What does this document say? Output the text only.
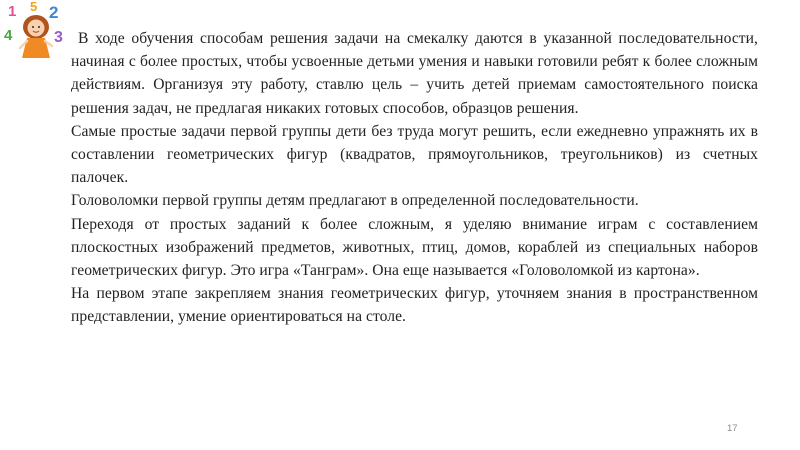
1 5 2
4	3 В ходе обучения способам решения задачи на смекалку даются в указанной последовательности, начиная с более простых, чтобы усвоенные детьми умения и навыки готовили ребят к более сложным действиям. Организуя эту работу, ставлю цель – учить детей приемам самостоятельного поиска решения задач, не предлагая никаких готовых способов, образцов решения.

Самые простые задачи первой группы дети без труда могут решить, если ежедневно упражнять их в составлении геометрических фигур (квадратов, прямоугольников, треугольников) из счетных палочек.

Головоломки первой группы детям предлагают в определенной последовательности.

Переходя от простых заданий к более сложным, я уделяю внимание играм с составлением плоскостных изображений предметов, животных, птиц, домов, кораблей из специальных наборов геометрических фигур. Это игра «Танграм». Она еще называется «Головоломкой из картона».

На первом этапе закрепляем знания геометрических фигур, уточняем знания в пространственном представлении, умение ориентироваться на столе.

17
